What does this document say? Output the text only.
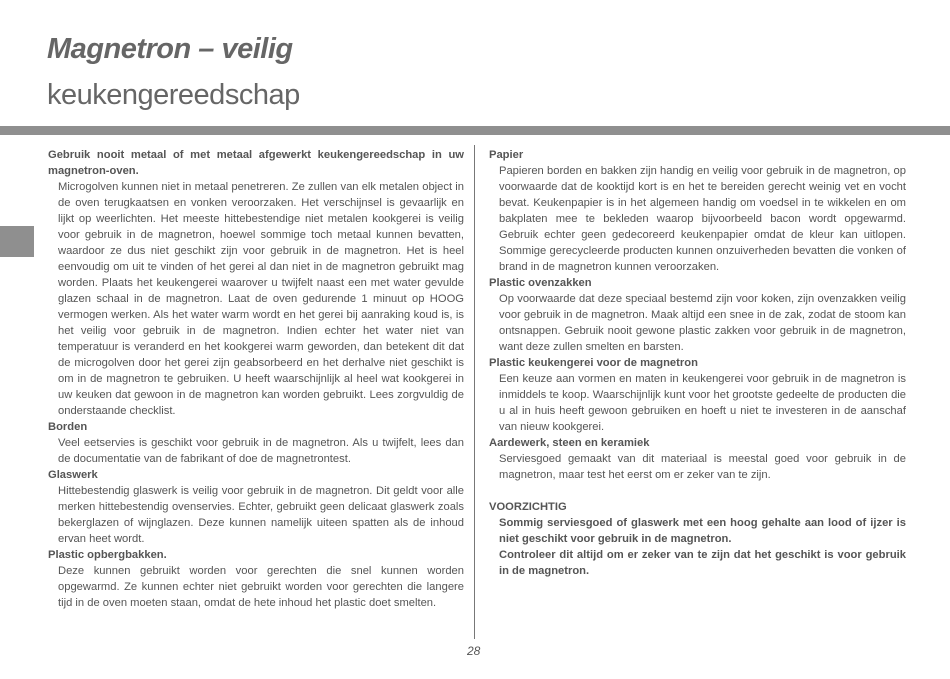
Magnetron – veilig
keukengereedschap
Gebruik nooit metaal of met metaal afgewerkt keukengereedschap in uw magnetron-oven.
Microgolven kunnen niet in metaal penetreren. Ze zullen van elk metalen object in de oven terugkaatsen en vonken veroorzaken. Het verschijnsel is gevaarlijk en lijkt op weerlichten. Het meeste hittebestendige niet metalen kookgerei is veilig voor gebruik in de magnetron, hoewel sommige toch metaal kunnen bevatten, waardoor ze dus niet geschikt zijn voor gebruik in de magnetron. Het is heel eenvoudig om uit te vinden of het gerei al dan niet in de magnetron gebruikt mag worden. Plaats het keukengerei waarover u twijfelt naast een met water gevulde glazen schaal in de magnetron. Laat de oven gedurende 1 minuut op HOOG vermogen werken. Als het water warm wordt en het gerei bij aanraking koud is, is het veilig voor gebruik in de magnetron. Indien echter het water niet van temperatuur is veranderd en het kookgerei warm geworden, dan betekent dit dat de microgolven door het gerei zijn geabsorbeerd en het derhalve niet geschikt is om in de magnetron te gebruiken. U heeft waarschijnlijk al heel wat kookgerei in uw keuken dat gewoon in de magnetron kan worden gebruikt. Lees zorgvuldig de onderstaande checklist.
Borden
Veel eetservies is geschikt voor gebruik in de magnetron. Als u twijfelt, lees dan de documentatie van de fabrikant of doe de magnetrontest.
Glaswerk
Hittebestendig glaswerk is veilig voor gebruik in de magnetron. Dit geldt voor alle merken hittebestendig ovenservies. Echter, gebruikt geen delicaat glaswerk zoals bekerglazen of wijnglazen. Deze kunnen namelijk uiteen spatten als de inhoud ervan heet wordt.
Plastic opbergbakken.
Deze kunnen gebruikt worden voor gerechten die snel kunnen worden opgewarmd. Ze kunnen echter niet gebruikt worden voor gerechten die langere tijd in de oven moeten staan, omdat de hete inhoud het plastic doet smelten.
Papier
Papieren borden en bakken zijn handig en veilig voor gebruik in de magnetron, op voorwaarde dat de kooktijd kort is en het te bereiden gerecht weinig vet en vocht bevat. Keukenpapier is in het algemeen handig om voedsel in te wikkelen en om bakplaten mee te bekleden waarop bijvoorbeeld bacon wordt opgewarmd. Gebruik echter geen gedecoreerd keukenpapier omdat de kleur kan uitlopen. Sommige gerecycleerde producten kunnen onzuiverheden bevatten die vonken of brand in de magnetron kunnen veroorzaken.
Plastic ovenzakken
Op voorwaarde dat deze speciaal bestemd zijn voor koken, zijn ovenzakken veilig voor gebruik in de magnetron. Maak altijd een snee in de zak, zodat de stoom kan ontsnappen. Gebruik nooit gewone plastic zakken voor gebruik in de magnetron, want deze zullen smelten en barsten.
Plastic keukengerei voor de magnetron
Een keuze aan vormen en maten in keukengerei voor gebruik in de magnetron is inmiddels te koop. Waarschijnlijk kunt voor het grootste gedeelte de producten die u al in huis heeft gewoon gebruiken en hoeft u niet te investeren in de aanschaf van nieuw kookgerei.
Aardewerk, steen en keramiek
Serviesgoed gemaakt van dit materiaal is meestal goed voor gebruik in de magnetron, maar test het eerst om er zeker van te zijn.
VOORZICHTIG
Sommig serviesgoed of glaswerk met een hoog gehalte aan lood of ijzer is niet geschikt voor gebruik in de magnetron.
Controleer dit altijd om er zeker van te zijn dat het geschikt is voor gebruik in de magnetron.
28
